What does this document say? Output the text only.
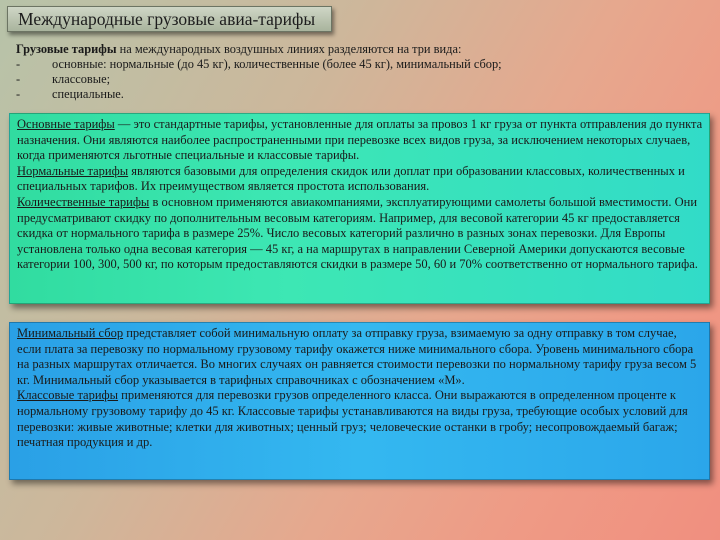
Международные грузовые авиа-тарифы

Грузовые тарифы на международных воздушных линиях разделяются на три вида:

-	основные: нормальные (до 45 кг), количественные (более 45 кг), минимальный сбор;
-	классовые;
-	специальные.

Основные тарифы — это стандартные тарифы, установленные для оплаты за провоз 1 кг груза от пункта отправления до пункта назначения. Они являются наиболее распространенными при перевозке всех видов груза, за исключением некоторых случаев, когда применяются льготные специальные и классовые тарифы.

Нормальные тарифы являются базовыми для определения скидок или доплат при образовании классовых, количественных и специальных тарифов. Их преимуществом является простота использования.

Количественные тарифы в основном применяются авиакомпаниями, эксплуатирующими самолеты большой вместимости. Они предусматривают скидку по дополнительным весовым категориям. Например, для весовой категории 45 кг предоставляется скидка от нормального тарифа в размере 25%. Число весовых категорий различно в разных зонах перевозки. Для Европы установлена только одна весовая категория — 45 кг, а на маршрутах в направлении Северной Америки допускаются весовые категории 100, 300, 500 кг, по которым предоставляются скидки в размере 50, 60 и 70% соответственно от нормального тарифа.

Минимальный сбор представляет собой минимальную оплату за отправку груза, взимаемую за одну отправку в том случае, если плата за перевозку по нормальному грузовому тарифу окажется ниже минимального сбора. Уровень минимального сбора на разных маршрутах отличается. Во многих случаях он равняется стоимости перевозки по нормальному тарифу груза весом 5 кг. Минимальный сбор указывается в тарифных справочниках с обозначением «М».

Классовые тарифы применяются для перевозки грузов определенного класса. Они выражаются в определенном проценте к нормальному грузовому тарифу до 45 кг. Классовые тарифы устанавливаются на виды груза, требующие особых условий для перевозки: живые животные; клетки для животных; ценный груз; человеческие останки в гробу; несопровождаемый багаж; печатная продукция и др.
